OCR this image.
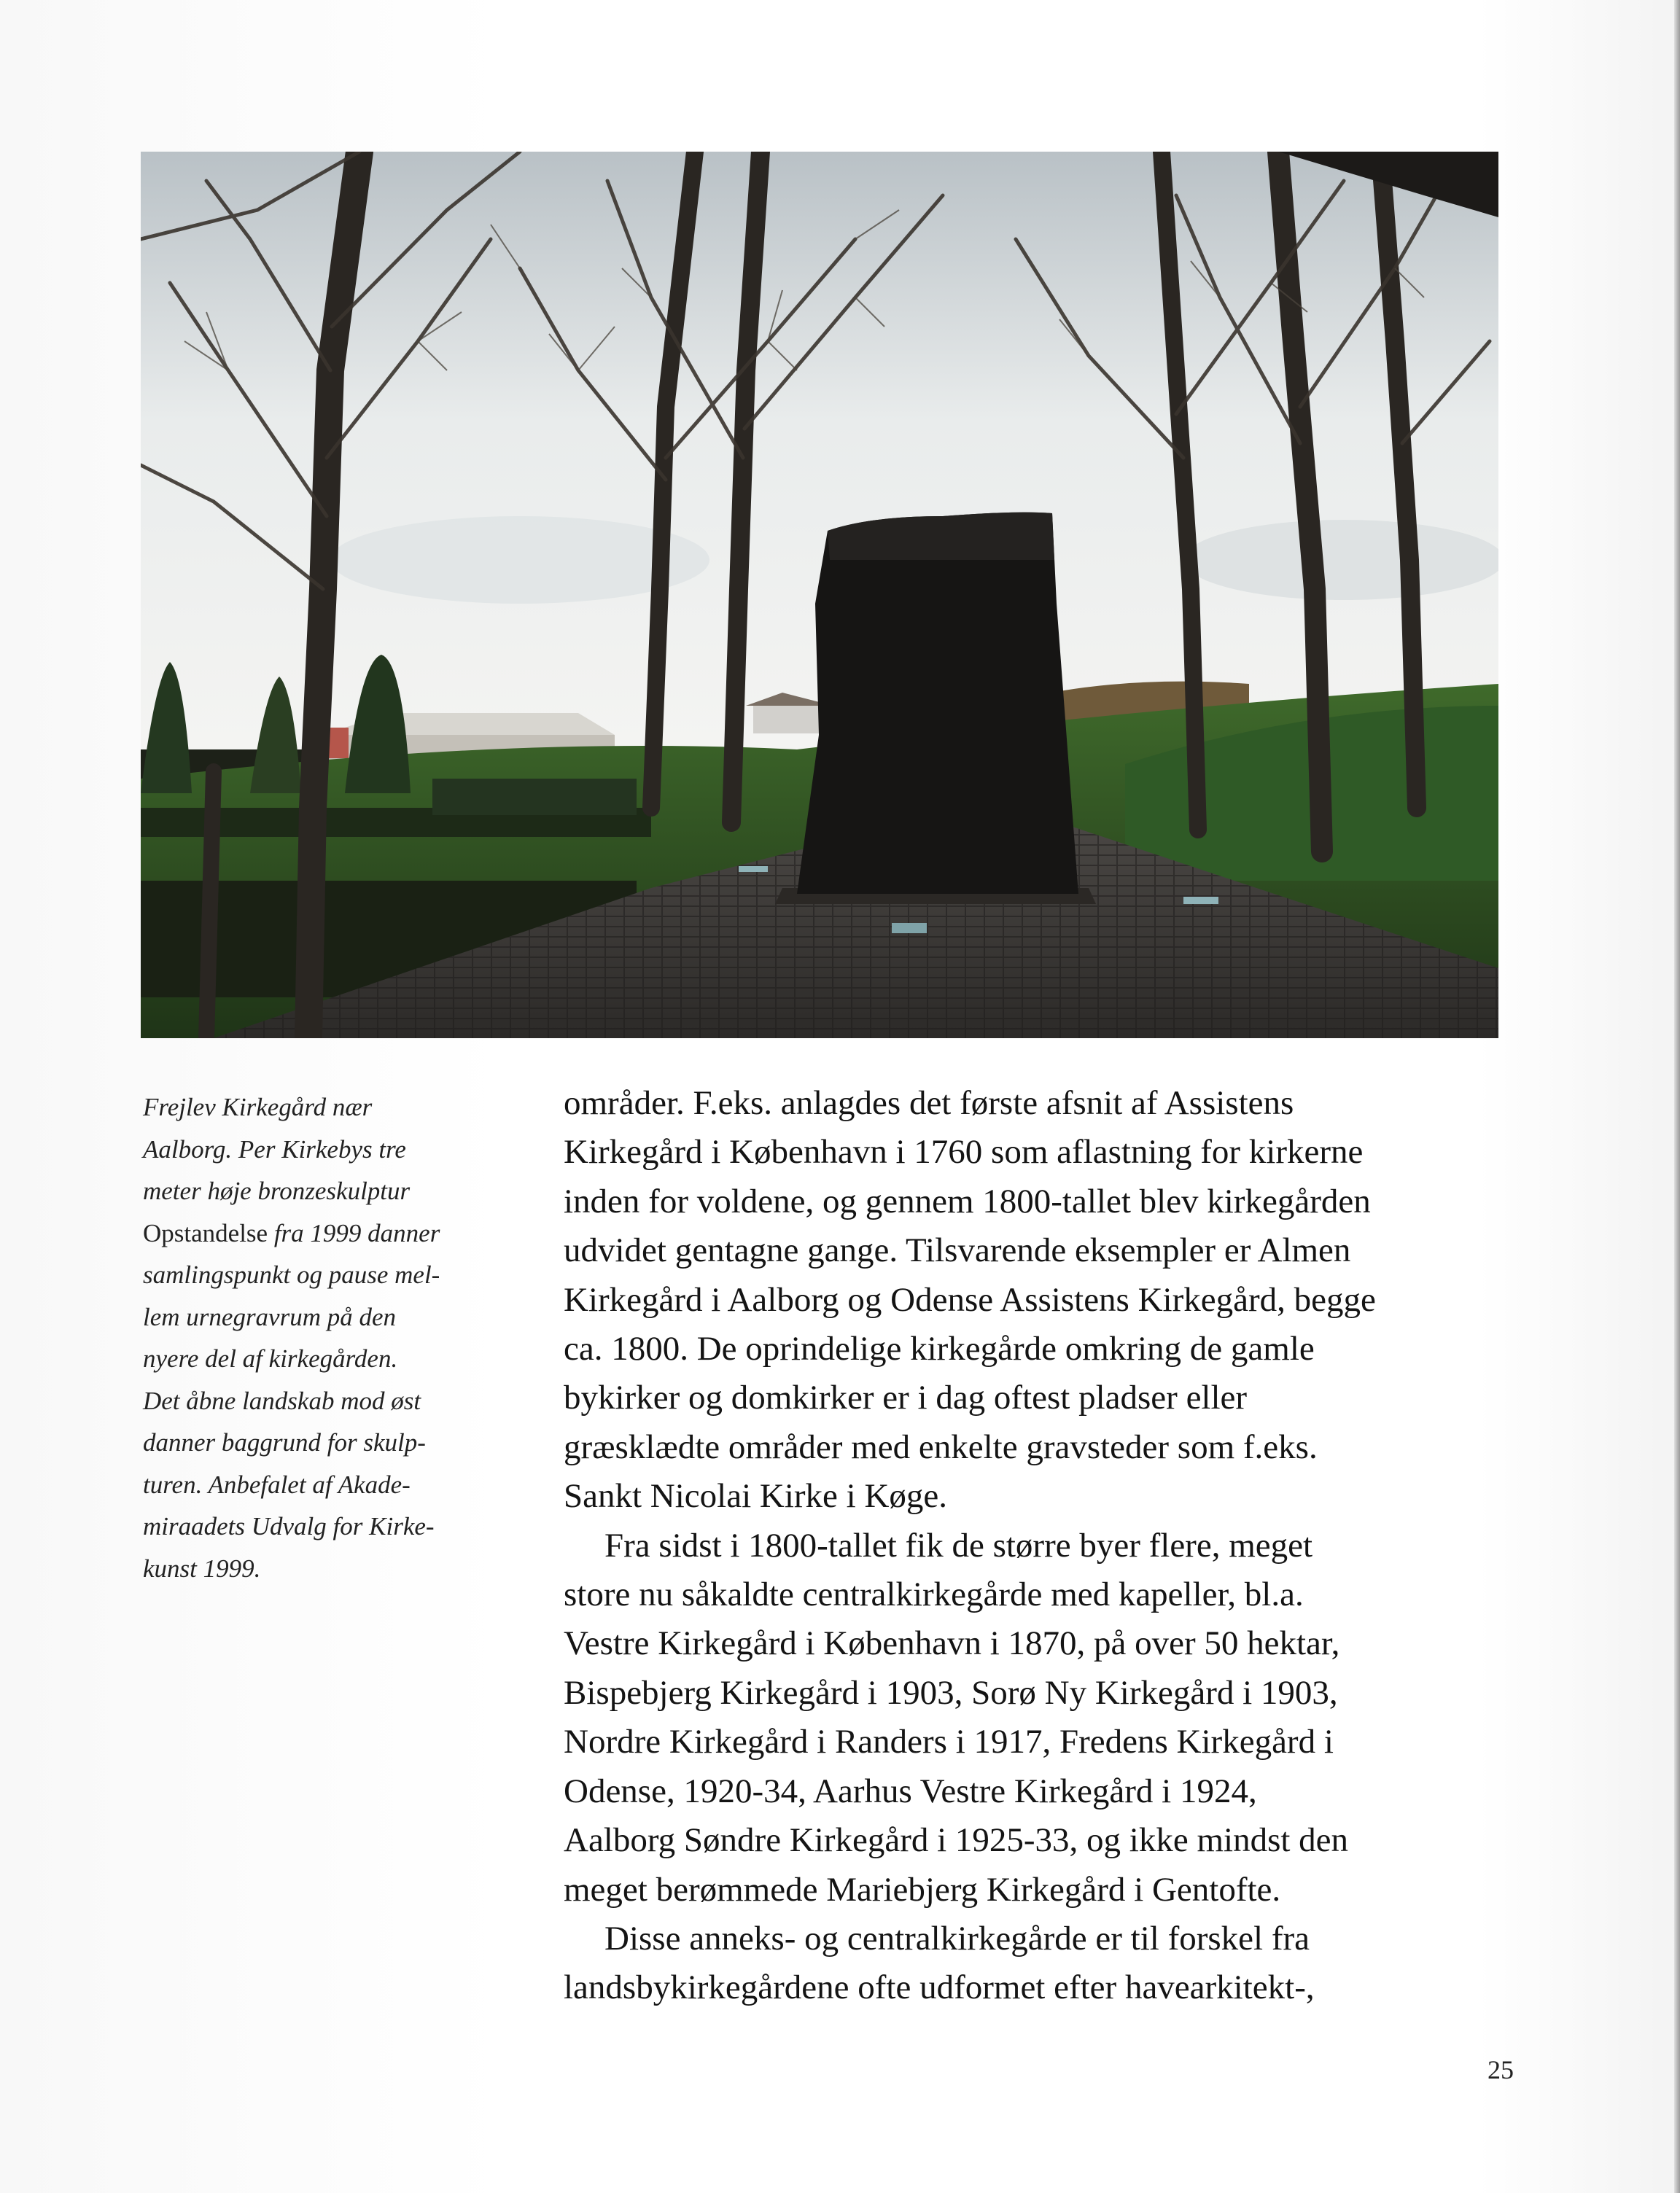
Frejlev Kirkegård nær
Aalborg. Per Kirkebys tre
meter høje bronzeskulptur
Opstandelse fra 1999 danner
samlingspunkt og pause mel-
lem urnegravrum på den
nyere del af kirkegården.
Det åbne landskab mod øst
danner baggrund for skulp-
turen. Anbefalet af Akade-
miraadets Udvalg for Kirke-
kunst 1999.
områder. F.eks. anlagdes det første afsnit af Assistens
Kirkegård i København i 1760 som aflastning for kirkerne
inden for voldene, og gennem 1800-tallet blev kirkegården
udvidet gentagne gange. Tilsvarende eksempler er Almen
Kirkegård i Aalborg og Odense Assistens Kirkegård, begge
ca. 1800. De oprindelige kirkegårde omkring de gamle
bykirker og domkirker er i dag oftest pladser eller
græsklædte områder med enkelte gravsteder som f.eks.
Sankt Nicolai Kirke i Køge.
Fra sidst i 1800-tallet fik de større byer flere, meget
store nu såkaldte centralkirkegårde med kapeller, bl.a.
Vestre Kirkegård i København i 1870, på over 50 hektar,
Bispebjerg Kirkegård i 1903, Sorø Ny Kirkegård i 1903,
Nordre Kirkegård i Randers i 1917, Fredens Kirkegård i
Odense, 1920-34, Aarhus Vestre Kirkegård i 1924,
Aalborg Søndre Kirkegård i 1925-33, og ikke mindst den
meget berømmede Mariebjerg Kirkegård i Gentofte.
Disse anneks- og centralkirkegårde er til forskel fra
landsbykirkegårdene ofte udformet efter havearkitekt-,
25
